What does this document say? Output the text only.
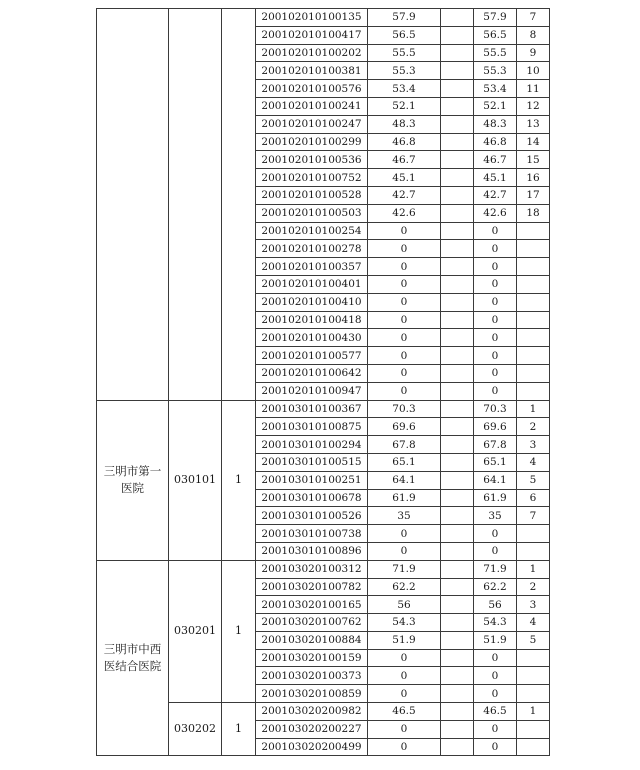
			200102010100135	57.9		57.9	7
			200102010100417	56.5		56.5	8
			200102010100202	55.5		55.5	9
			200102010100381	55.3		55.3	10
			200102010100576	53.4		53.4	11
			200102010100241	52.1		52.1	12
			200102010100247	48.3		48.3	13
			200102010100299	46.8		46.8	14
			200102010100536	46.7		46.7	15
			200102010100752	45.1		45.1	16
			200102010100528	42.7		42.7	17
			200102010100503	42.6		42.6	18
			200102010100254	0		0	
			200102010100278	0		0	
			200102010100357	0		0	
			200102010100401	0		0	
			200102010100410	0		0	
			200102010100418	0		0	
			200102010100430	0		0	
			200102010100577	0		0	
			200102010100642	0		0	
			200102010100947	0		0	
三明市第一医院	030101	1	200103010100367	70.3		70.3	1
			200103010100875	69.6		69.6	2
			200103010100294	67.8		67.8	3
			200103010100515	65.1		65.1	4
			200103010100251	64.1		64.1	5
			200103010100678	61.9		61.9	6
			200103010100526	35		35	7
			200103010100738	0		0	
			200103010100896	0		0	
三明市中西医结合医院	030201	1	200103020100312	71.9		71.9	1
			200103020100782	62.2		62.2	2
			200103020100165	56		56	3
			200103020100762	54.3		54.3	4
			200103020100884	51.9		51.9	5
			200103020100159	0		0	
			200103020100373	0		0	
			200103020100859	0		0	
	030202	1	200103020200982	46.5		46.5	1
			200103020200227	0		0	
			200103020200499	0		0	
